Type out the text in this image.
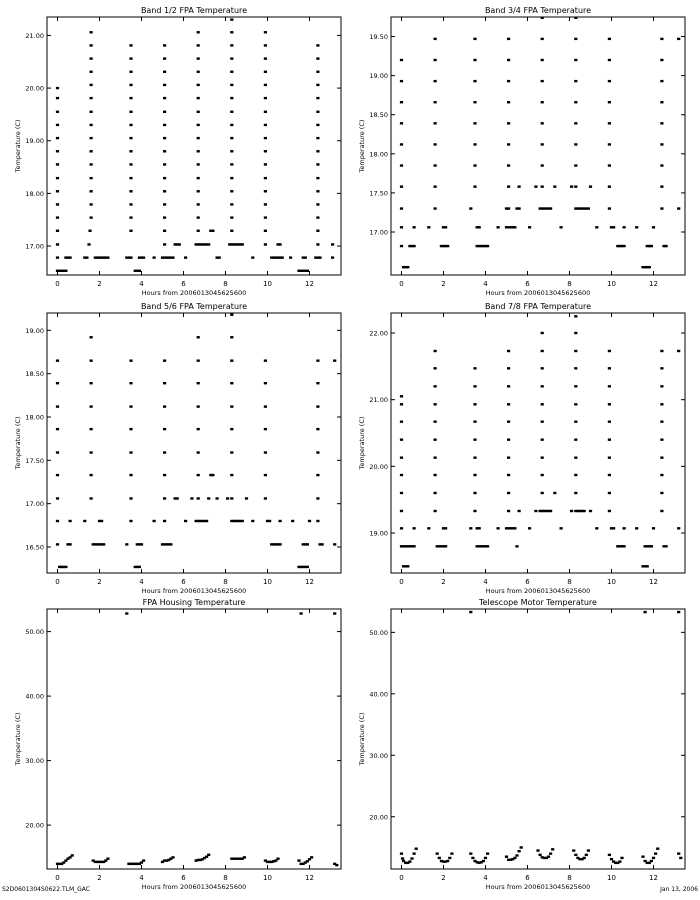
Band 1/2 FPA Temperature
0	2	4	6	8	10	12
Hours from 2006013045625600
17.00
18.00
19.00
20.00
21.00
Temperature (C)
Band 3/4 FPA Temperature
0	2	4	6	8	10	12
Hours from 2006013045625600
17.00
17.50
18.00
18.50
19.00
19.50
Temperature (C)
Band 5/6 FPA Temperature
0	2	4	6	8	10	12
Hours from 2006013045625600
16.50
17.00
17.50
18.00
18.50
19.00
Temperature (C)
Band 7/8 FPA Temperature
0	2	4	6	8	10	12
Hours from 2006013045625600
19.00
20.00
21.00
22.00
Temperature (C)
FPA Housing Temperature
0	2	4	6	8	10	12
Hours from 2006013045625600
20.00
30.00
40.00
50.00
Temperature (C)
Telescope Motor Temperature
0	2	4	6	8	10	12
Hours from 2006013045625600
20.00
30.00
40.00
50.00
Temperature (C)
S2D0601304S0622.TLM_GAC	Jan 13, 2006
